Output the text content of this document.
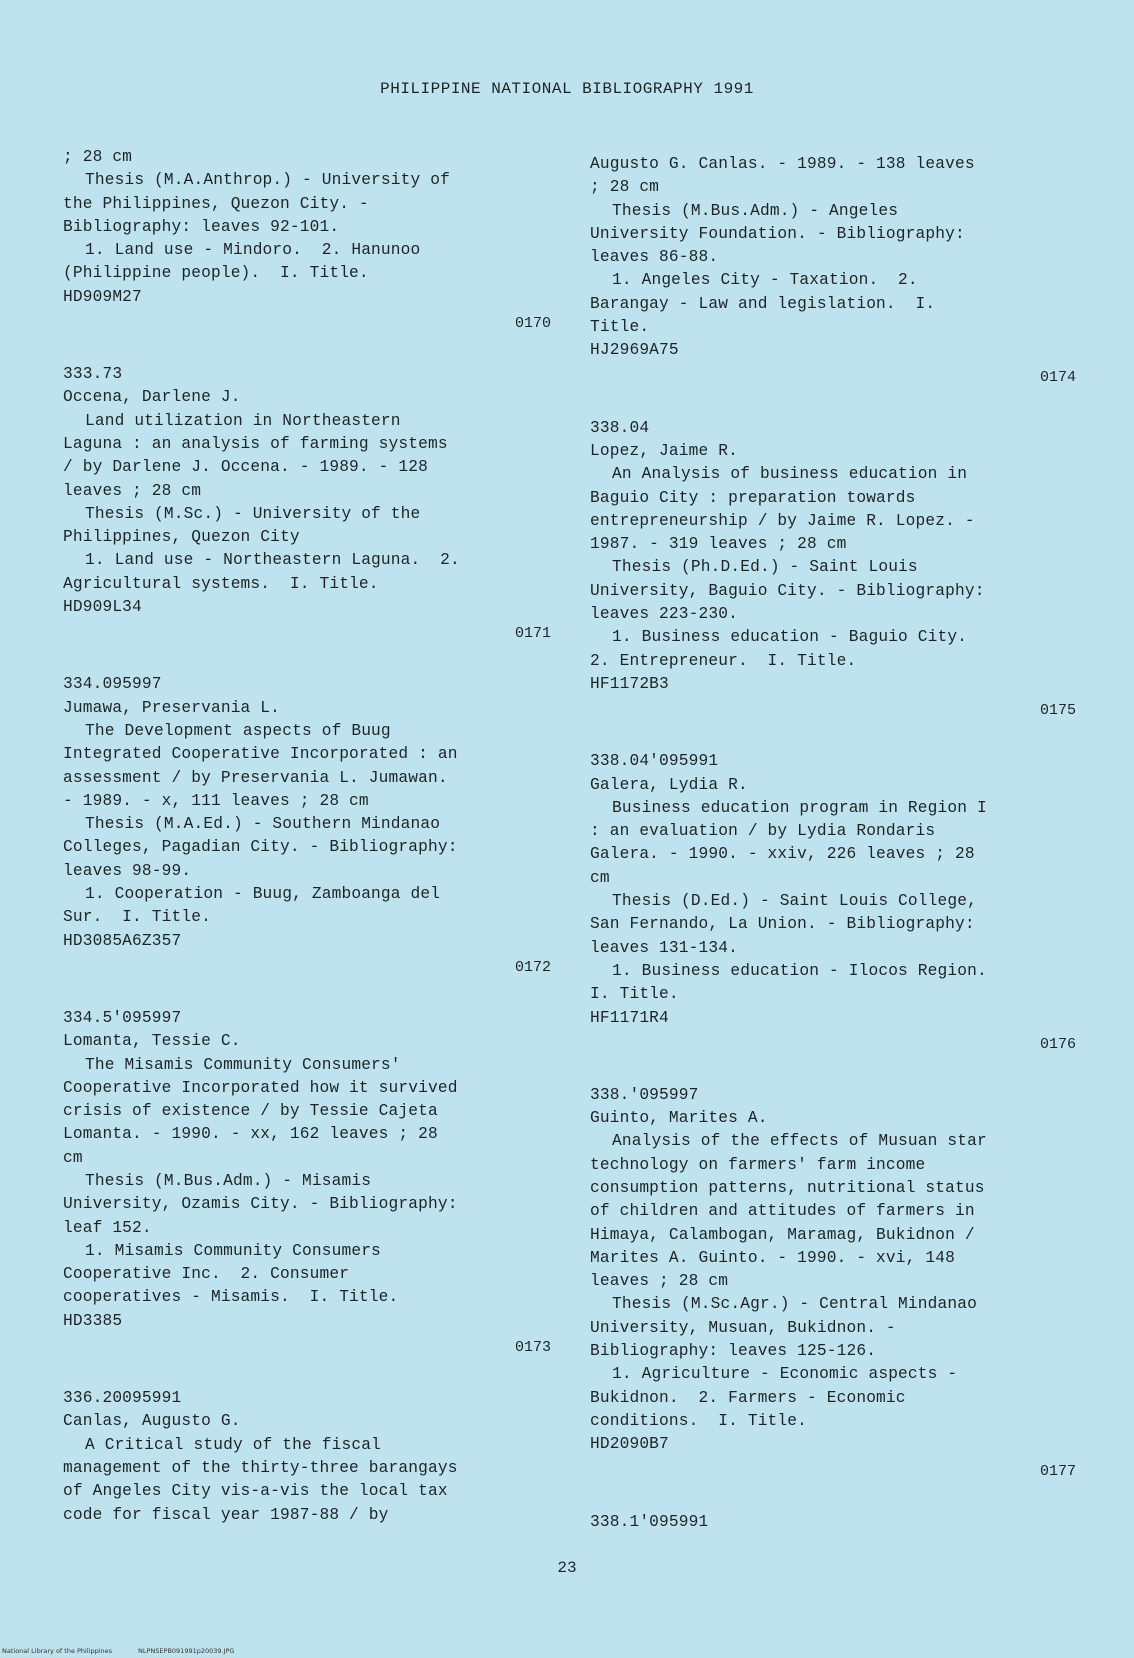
PHILIPPINE NATIONAL BIBLIOGRAPHY 1991
; 28 cm
Thesis (M.A.Anthrop.) - University of
the Philippines, Quezon City. -
Bibliography: leaves 92-101.
1. Land use - Mindoro.  2. Hanunoo
(Philippine people).  I. Title.
HD909M27
0170
333.73
Occena, Darlene J.
Land utilization in Northeastern
Laguna : an analysis of farming systems
/ by Darlene J. Occena. - 1989. - 128
leaves ; 28 cm
Thesis (M.Sc.) - University of the
Philippines, Quezon City
1. Land use - Northeastern Laguna.  2.
Agricultural systems.  I. Title.
HD909L34
0171
334.095997
Jumawa, Preservania L.
The Development aspects of Buug
Integrated Cooperative Incorporated : an
assessment / by Preservania L. Jumawan.
- 1989. - x, 111 leaves ; 28 cm
Thesis (M.A.Ed.) - Southern Mindanao
Colleges, Pagadian City. - Bibliography:
leaves 98-99.
1. Cooperation - Buug, Zamboanga del
Sur.  I. Title.
HD3085A6Z357
0172
334.5'095997
Lomanta, Tessie C.
The Misamis Community Consumers'
Cooperative Incorporated how it survived
crisis of existence / by Tessie Cajeta
Lomanta. - 1990. - xx, 162 leaves ; 28
cm
Thesis (M.Bus.Adm.) - Misamis
University, Ozamis City. - Bibliography:
leaf 152.
1. Misamis Community Consumers
Cooperative Inc.  2. Consumer
cooperatives - Misamis.  I. Title.
HD3385
0173
336.20095991
Canlas, Augusto G.
A Critical study of the fiscal
management of the thirty-three barangays
of Angeles City vis-a-vis the local tax
code for fiscal year 1987-88 / by
Augusto G. Canlas. - 1989. - 138 leaves
; 28 cm
Thesis (M.Bus.Adm.) - Angeles
University Foundation. - Bibliography:
leaves 86-88.
1. Angeles City - Taxation.  2.
Barangay - Law and legislation.  I.
Title.
HJ2969A75
0174
338.04
Lopez, Jaime R.
An Analysis of business education in
Baguio City : preparation towards
entrepreneurship / by Jaime R. Lopez. -
1987. - 319 leaves ; 28 cm
Thesis (Ph.D.Ed.) - Saint Louis
University, Baguio City. - Bibliography:
leaves 223-230.
1. Business education - Baguio City.
2. Entrepreneur.  I. Title.
HF1172B3
0175
338.04'095991
Galera, Lydia R.
Business education program in Region I
: an evaluation / by Lydia Rondaris
Galera. - 1990. - xxiv, 226 leaves ; 28
cm
Thesis (D.Ed.) - Saint Louis College,
San Fernando, La Union. - Bibliography:
leaves 131-134.
1. Business education - Ilocos Region.
I. Title.
HF1171R4
0176
338.'095997
Guinto, Marites A.
Analysis of the effects of Musuan star
technology on farmers' farm income
consumption patterns, nutritional status
of children and attitudes of farmers in
Himaya, Calambogan, Maramag, Bukidnon /
Marites A. Guinto. - 1990. - xvi, 148
leaves ; 28 cm
Thesis (M.Sc.Agr.) - Central Mindanao
University, Musuan, Bukidnon. -
Bibliography: leaves 125-126.
1. Agriculture - Economic aspects -
Bukidnon.  2. Farmers - Economic
conditions.  I. Title.
HD2090B7
0177
338.1'095991
23
National Library of the Philippines	NLPNSEPB091991p20039.JPG
